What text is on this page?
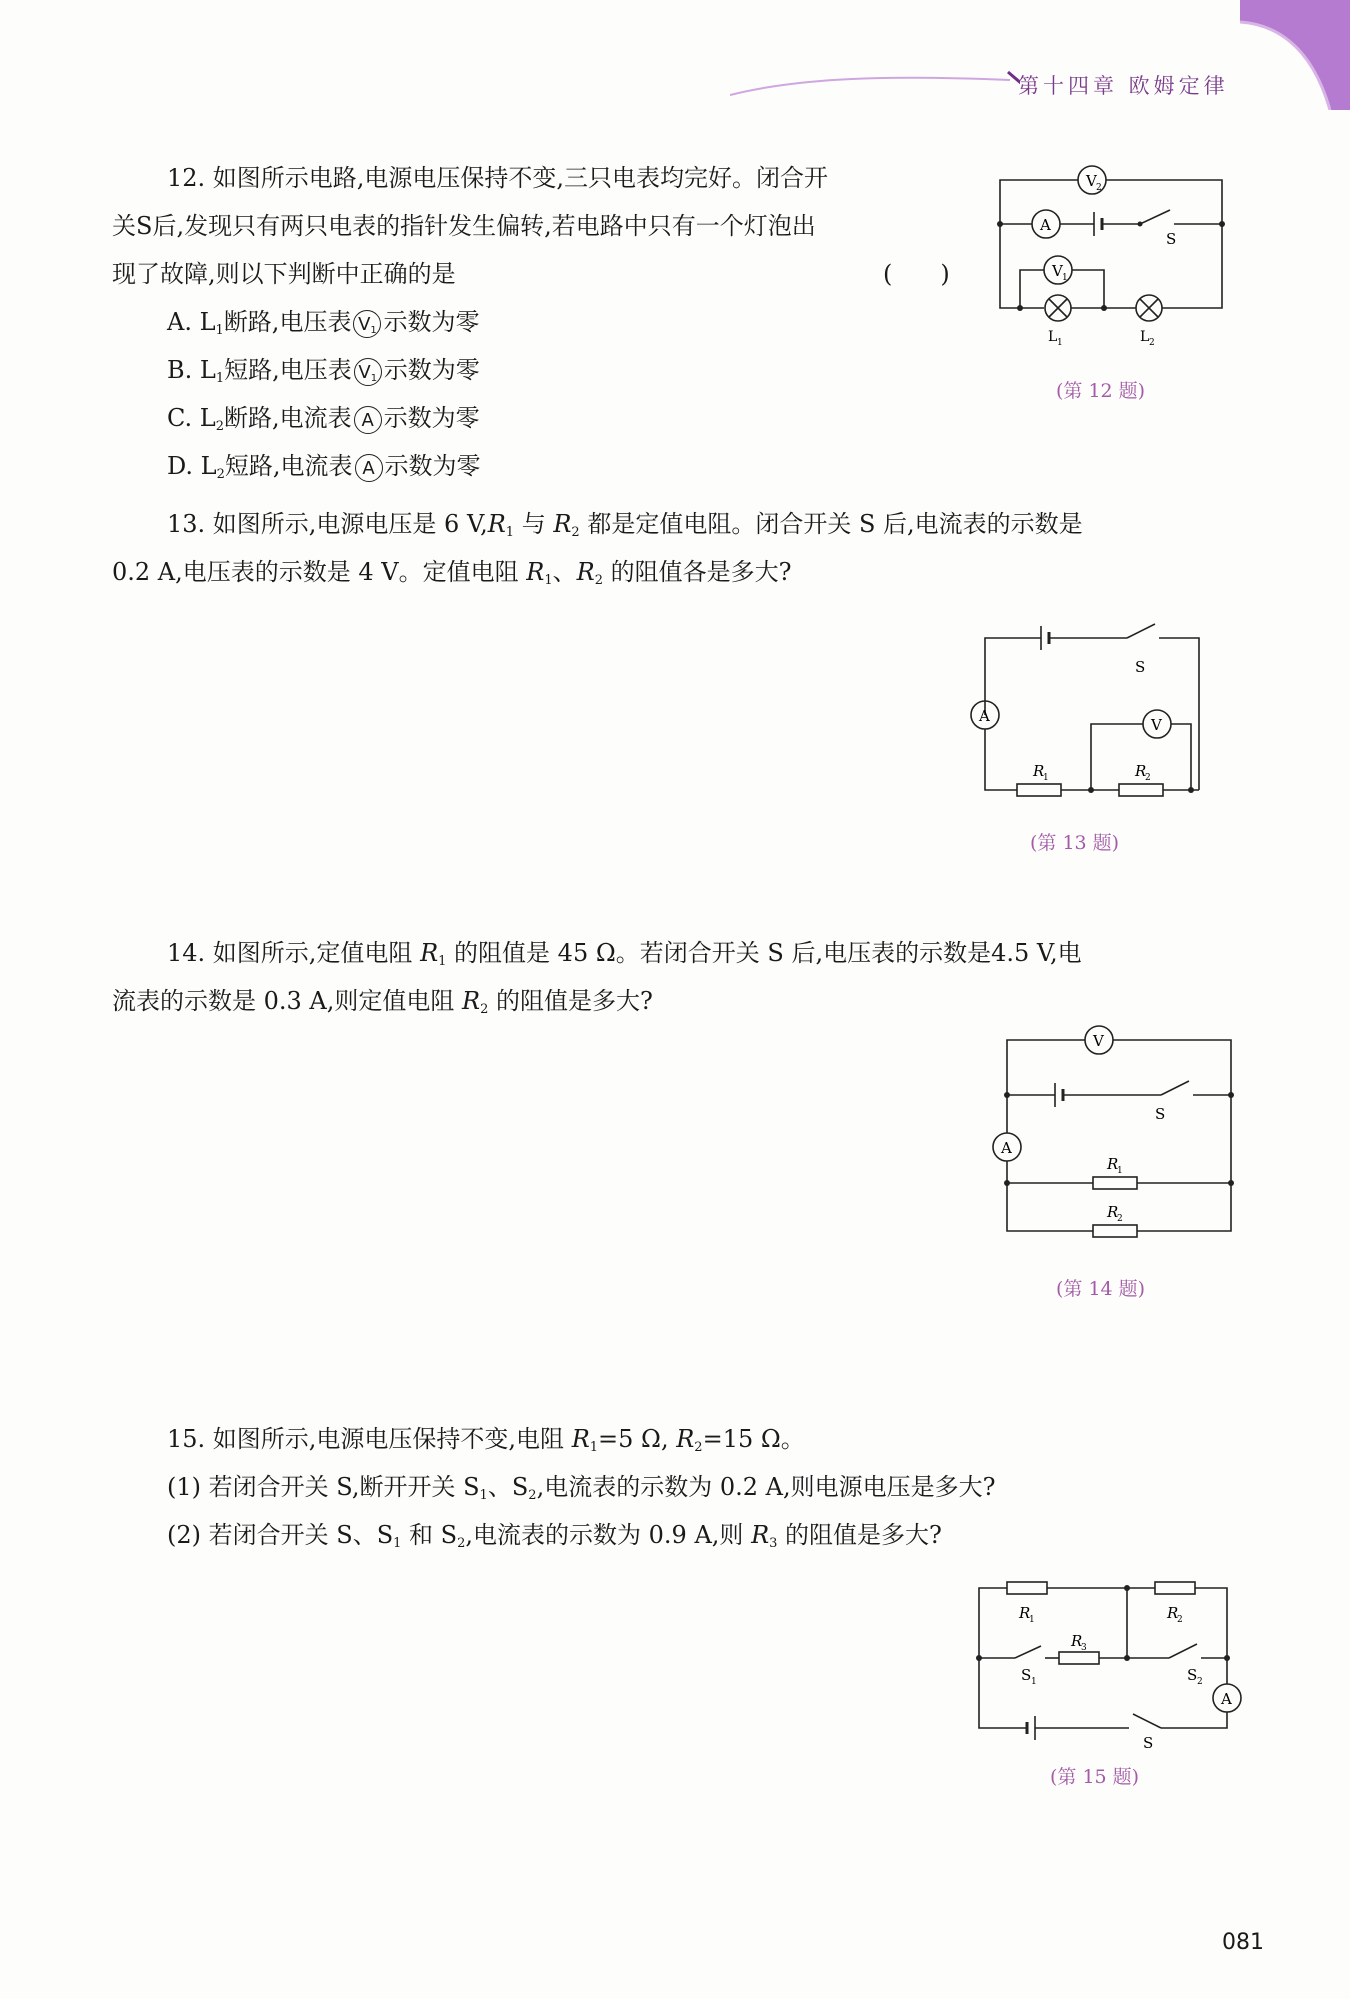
第十四章 欧姆定律
12. 如图所示电路,电源电压保持不变,三只电表均完好。闭合开
关S后,发现只有两只电表的指针发生偏转,若电路中只有一个灯泡出
现了故障,则以下判断中正确的是	(　　)
A. $L_1$断路,电压表 $V_1$ 示数为零
B. $L_1$短路,电压表 $V_1$ 示数为零
C. $L_2$断路,电流表 A 示数为零
D. $L_2$短路,电流表 A 示数为零
V 2
A
S
V 1
L 1	L 2
(第 12 题)
13. 如图所示,电源电压是 6 $V,R_1$ 与 $R_2$ 都是定值电阻。闭合开关 S 后,电流表的示数是
0.2 A,电压表的示数是 4 V。定值电阻 $R_1$、$R_2$ 的阻值各是多大?
S
A	V
R
1	R
2
(第 13 题)
14. 如图所示,定值电阻 $R_1$ 的阻值是 45 Ω。若闭合开关 S 后,电压表的示数是4.5 V,电
流表的示数是 0.3 A,则定值电阻 $R_2$ 的阻值是多大?
V
A
S
R
1
R
2
(第 14 题)
15. 如图所示,电源电压保持不变,电阻 $R_1=5$ Ω, $R_2=15$ Ω。
(1) 若闭合开关 S,断开开关 $S_1$、$S_2$,电流表的示数为 0.2 A,则电源电压是多大?
(2) 若闭合开关 S、$S_1$ 和 $S_2$,电流表的示数为 0.9 A,则 $R_3$ 的阻值是多大?
R
1	R
2
R
3
S 1	S 2
A
S
(第 15 题)
081
